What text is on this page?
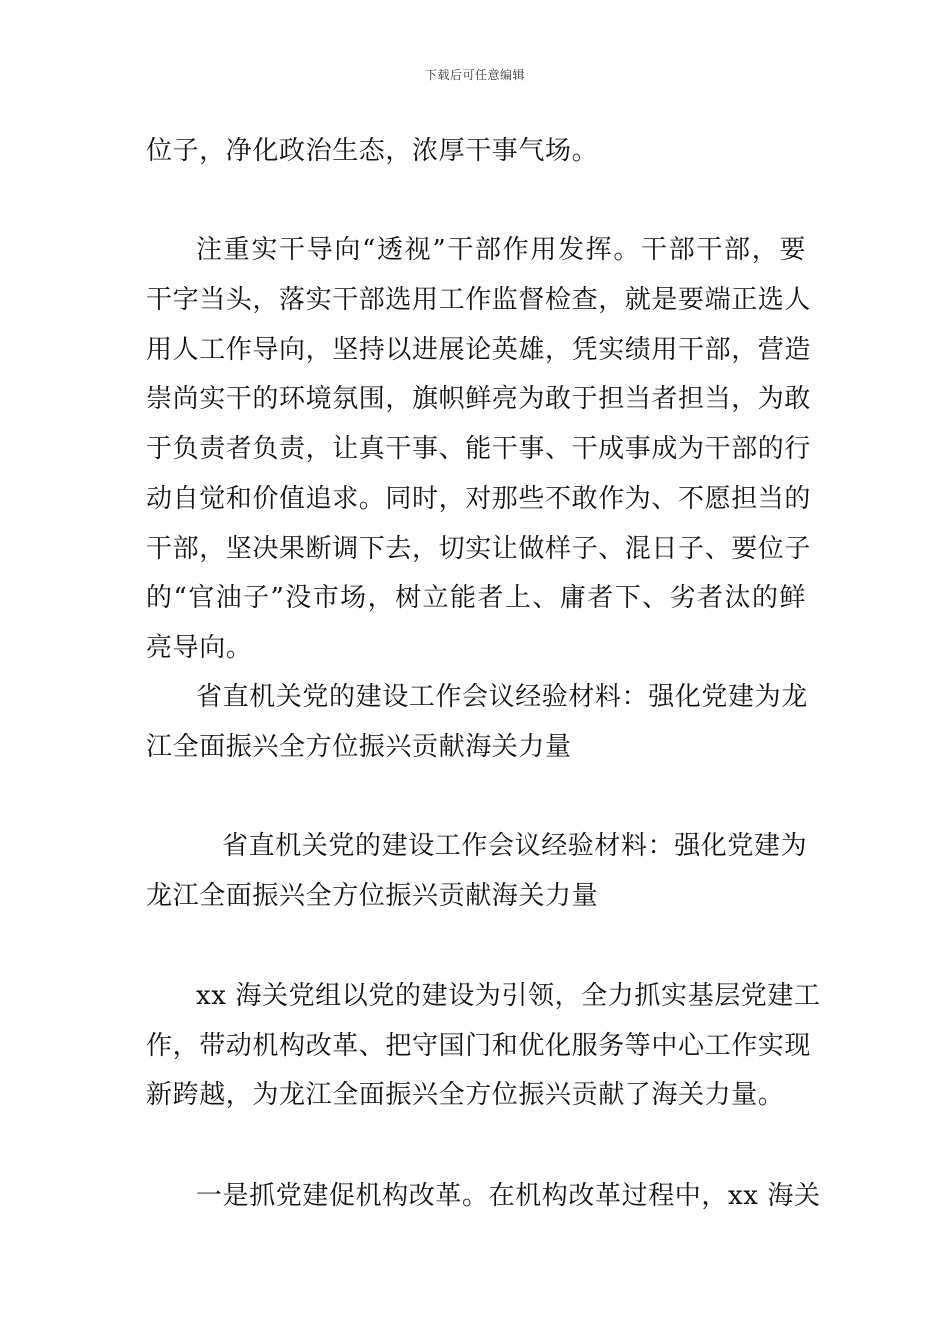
下载后可任意编辑
位子，净化政治生态，浓厚干事气场。
注重实干导向“透视”干部作用发挥。干部干部，要
干字当头，落实干部选用工作监督检查，就是要端正选人
用人工作导向，坚持以进展论英雄，凭实绩用干部，营造
崇尚实干的环境氛围，旗帜鲜亮为敢于担当者担当，为敢
于负责者负责，让真干事、能干事、干成事成为干部的行
动自觉和价值追求。同时，对那些不敢作为、不愿担当的
干部，坚决果断调下去，切实让做样子、混日子、要位子
的“官油子”没市场，树立能者上、庸者下、劣者汰的鲜
亮导向。
省直机关党的建设工作会议经验材料：强化党建为龙
江全面振兴全方位振兴贡献海关力量
省直机关党的建设工作会议经验材料：强化党建为
龙江全面振兴全方位振兴贡献海关力量
xx 海关党组以党的建设为引领，全力抓实基层党建工
作，带动机构改革、把守国门和优化服务等中心工作实现
新跨越，为龙江全面振兴全方位振兴贡献了海关力量。
一是抓党建促机构改革。在机构改革过程中，xx 海关
